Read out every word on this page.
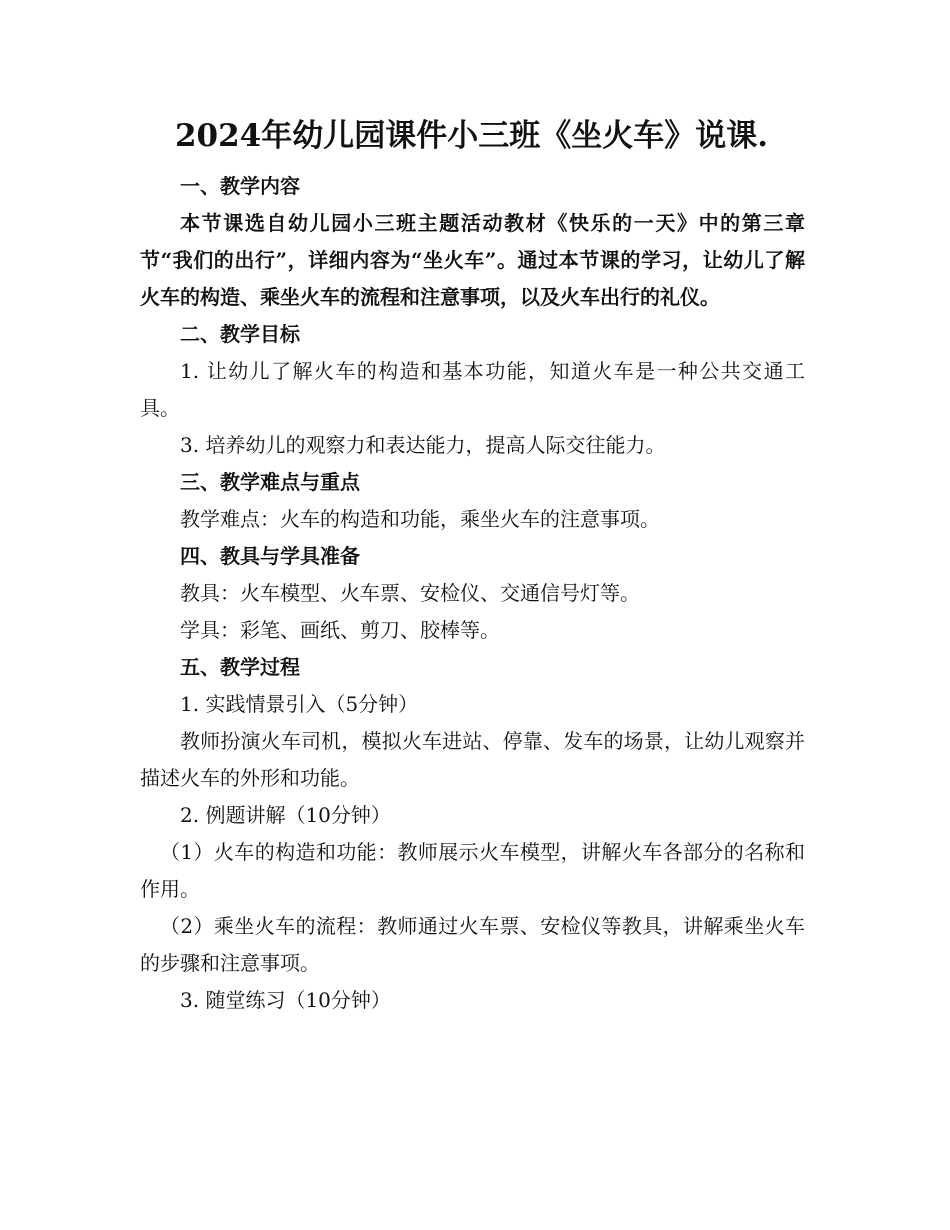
2024年幼儿园课件小三班《坐火车》说课.

一、教学内容

本节课选自幼儿园小三班主题活动教材《快乐的一天》中的第三章节“我们的出行”，详细内容为“坐火车”。通过本节课的学习，让幼儿了解火车的构造、乘坐火车的流程和注意事项，以及火车出行的礼仪。

二、教学目标

1. 让幼儿了解火车的构造和基本功能，知道火车是一种公共交通工具。

3. 培养幼儿的观察力和表达能力，提高人际交往能力。

三、教学难点与重点

教学难点：火车的构造和功能，乘坐火车的注意事项。

四、教具与学具准备

教具：火车模型、火车票、安检仪、交通信号灯等。

学具：彩笔、画纸、剪刀、胶棒等。

五、教学过程

1. 实践情景引入（5分钟）

教师扮演火车司机，模拟火车进站、停靠、发车的场景，让幼儿观察并描述火车的外形和功能。

2. 例题讲解（10分钟）

（1）火车的构造和功能：教师展示火车模型，讲解火车各部分的名称和作用。

（2）乘坐火车的流程：教师通过火车票、安检仪等教具，讲解乘坐火车的步骤和注意事项。

3. 随堂练习（10分钟）
